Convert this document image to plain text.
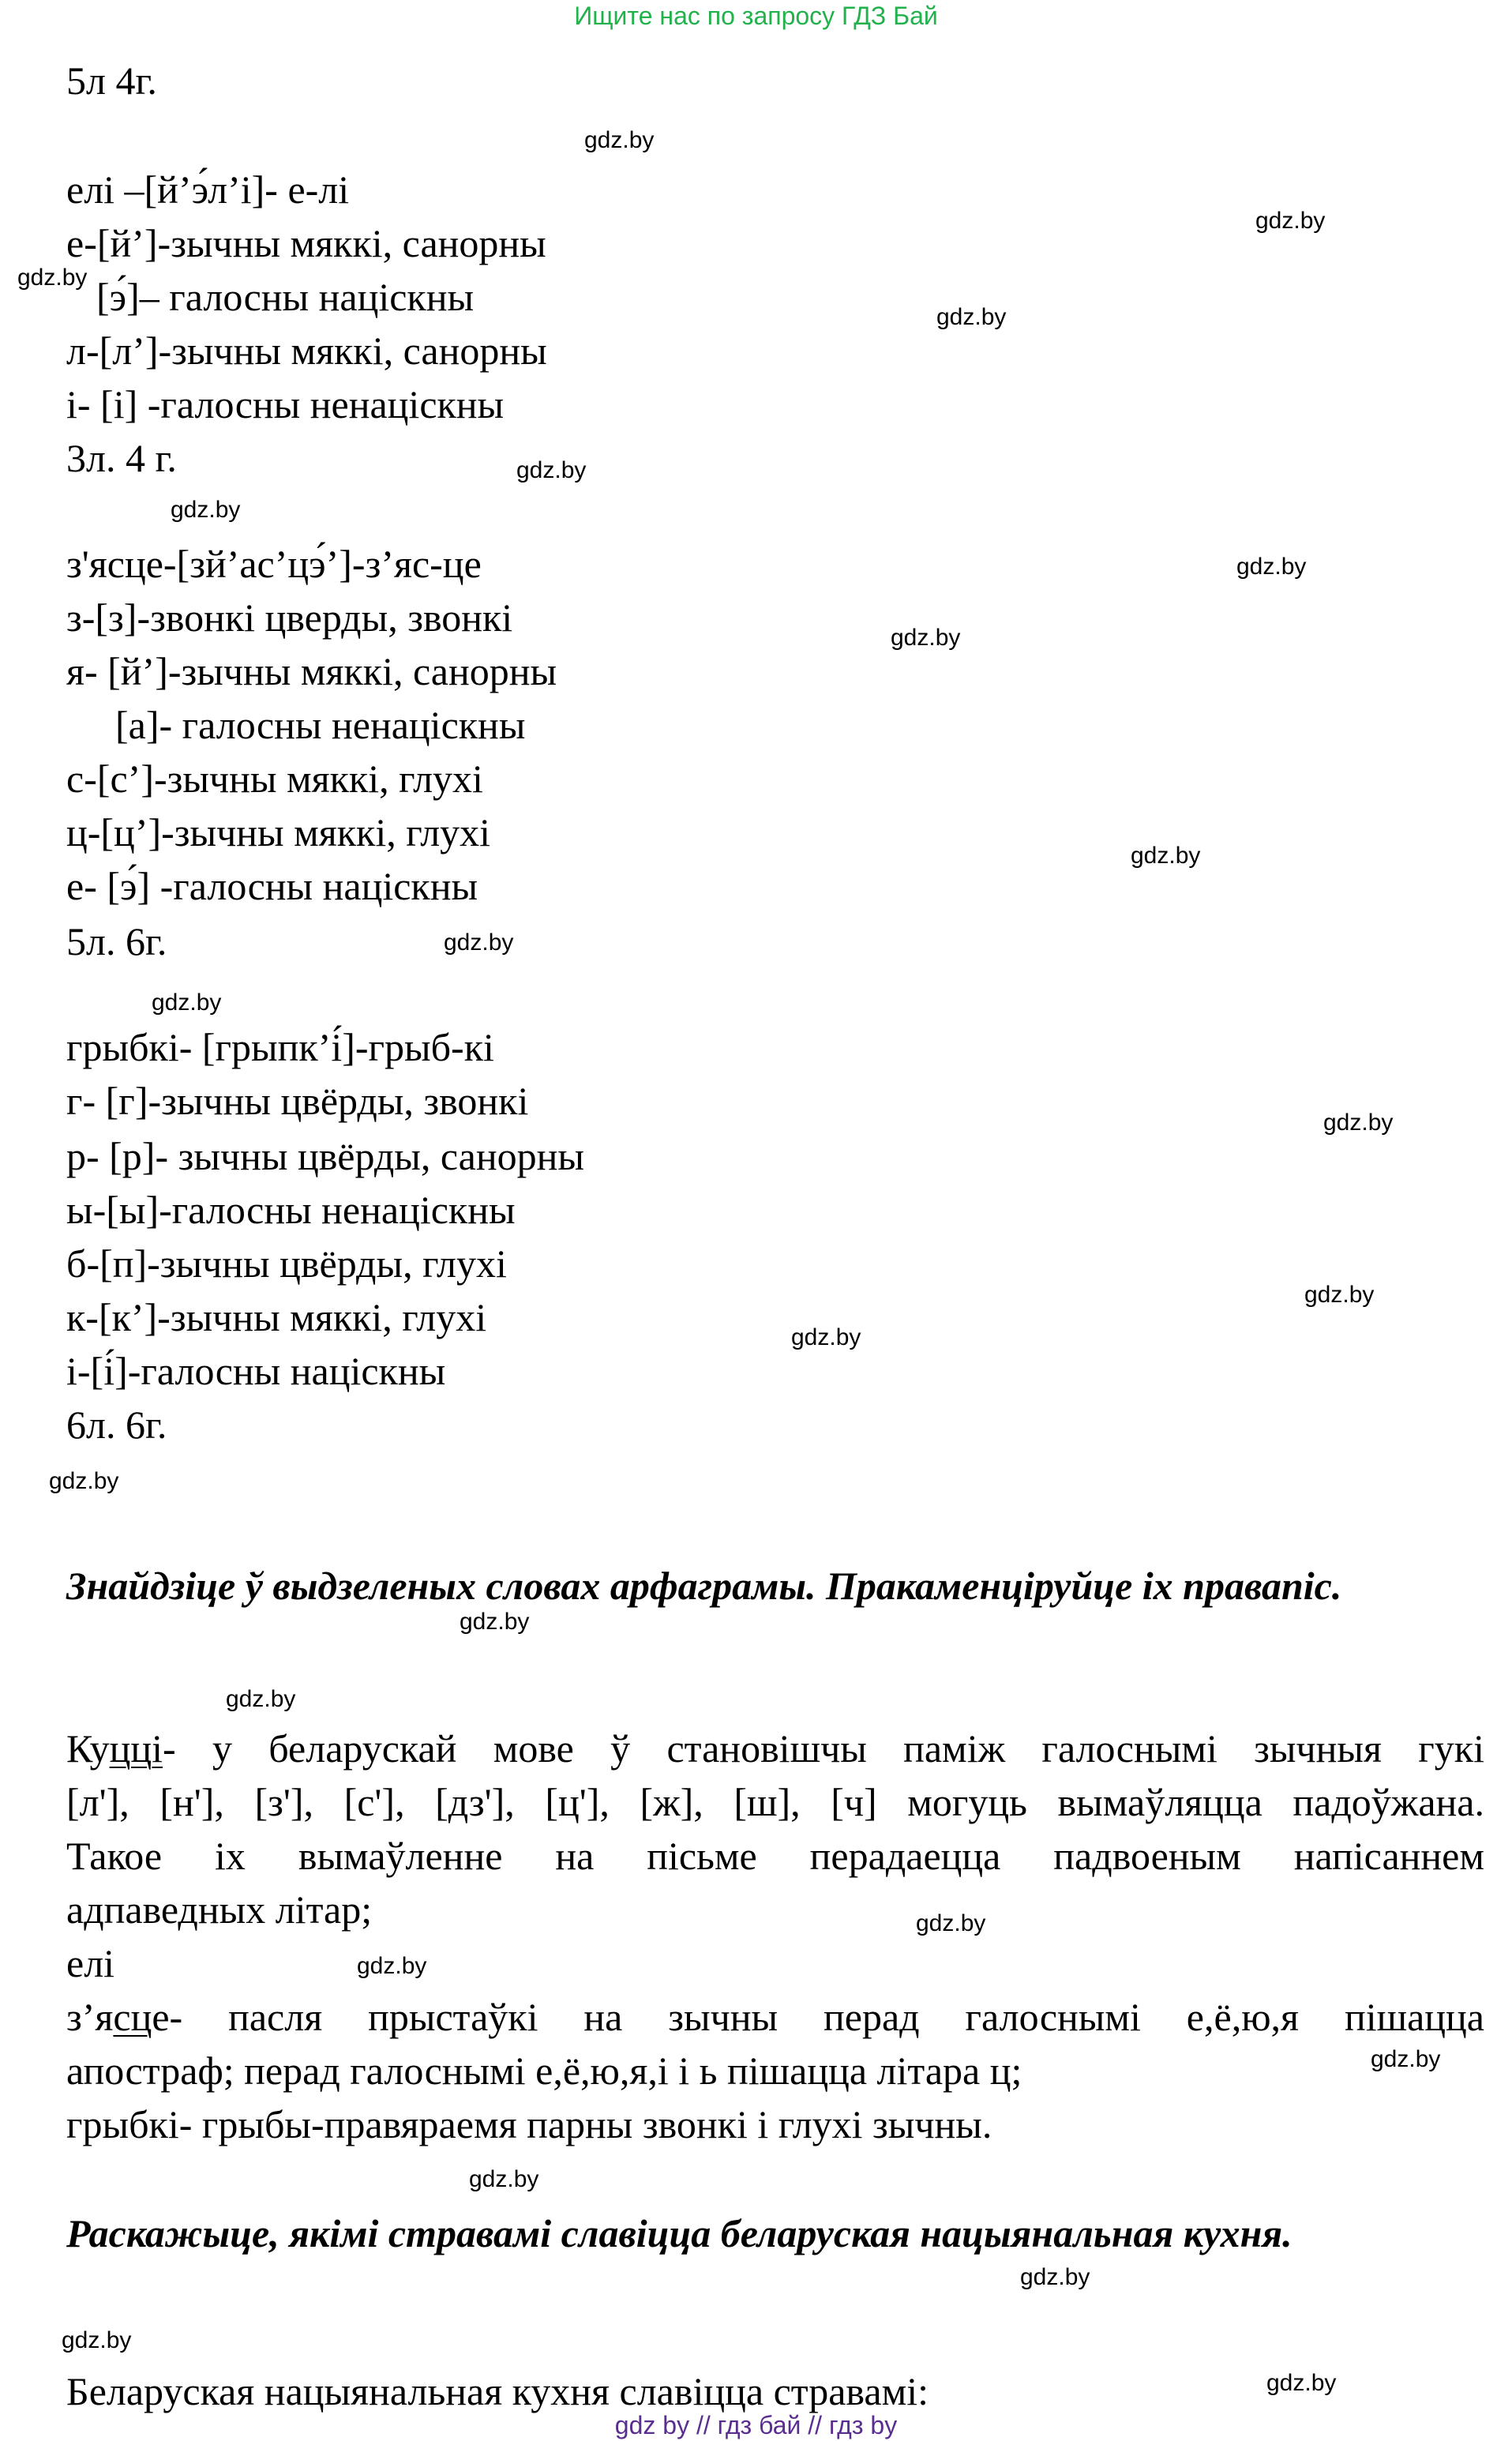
Ищите нас по запросу ГДЗ Бай
5л 4г.
елі –[й’э́л’і]- е-лі
е-[й’]-зычны мяккі, санорны
[э́]– галосны націскны
л-[л’]-зычны мяккі, санорны
і- [і] -галосны ненаціскны
3л. 4 г.
з'ясце-[зй’ас’цэ́’]-з’яс-це
з-[з]-звонкі цверды, звонкі
я- [й’]-зычны мяккі, санорны
[а]- галосны ненаціскны
с-[с’]-зычны мяккі, глухі
ц-[ц’]-зычны мяккі, глухі
е- [э́] -галосны націскны
5л. 6г.
грыбкі- [грыпк’і́]-грыб-кі
г- [г]-зычны цвёрды, звонкі
р- [р]- зычны цвёрды, санорны
ы-[ы]-галосны ненаціскны
б-[п]-зычны цвёрды, глухі
к-[к’]-зычны мяккі, глухі
і-[і́]-галосны націскны
6л. 6г.
Знайдзіце ў выдзеленых словах арфаграмы. Пракаменціруйце іх правапіс.
Куцці- у беларускай мове ў становішчы паміж галоснымі зычныя гукі
[л'], [н'], [з'], [с'], [дз'], [ц'], [ж], [ш], [ч] могуць вымаўляцца падоўжана.
Такое іх вымаўленне на пісьме перадаецца падвоеным напісаннем
адпаведных літар;
елі
з’ясце- пасля прыстаўкі на зычны перад галоснымі е,ё,ю,я пішацца
апостраф; перад галоснымі е,ё,ю,я,і і ь пішацца літара ц;
грыбкі- грыбы-правяраемя парны звонкі і глухі зычны.
Раскажыце, якімі стравамі славіцца беларуская нацыянальная кухня.
Беларуская нацыянальная кухня славіцца стравамі:
gdz.by
gdz.by
gdz.by
gdz.by
gdz.by
gdz.by
gdz.by
gdz.by
gdz.by
gdz.by
gdz.by
gdz.by
gdz.by
gdz.by
gdz.by
gdz.by
gdz.by
gdz.by
gdz.by
gdz.by
gdz.by
gdz.by
gdz.by
gdz.by
gdz by // гдз бай // гдз by
